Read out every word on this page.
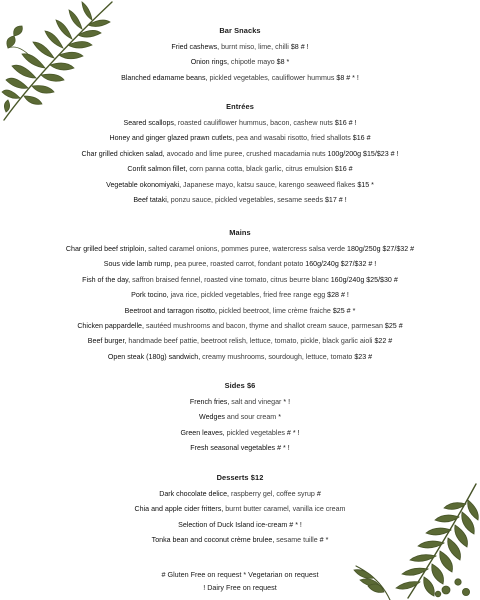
Bar Snacks
Fried cashews, burnt miso, lime, chilli $8 # !
Onion rings, chipotle mayo $8 *
Blanched edamame beans, pickled vegetables, cauliflower hummus $8 # * !
Entrées
Seared scallops, roasted cauliflower hummus, bacon, cashew nuts $16 # !
Honey and ginger glazed prawn cutlets, pea and wasabi risotto, fried shallots $16 #
Char grilled chicken salad, avocado and lime puree, crushed macadamia nuts 100g/200g $15/$23 # !
Confit salmon fillet, corn panna cotta, black garlic, citrus emulsion $16 #
Vegetable okonomiyaki, Japanese mayo, katsu sauce, karengo seaweed flakes $15 *
Beef tataki, ponzu sauce, pickled vegetables, sesame seeds $17 # !
Mains
Char grilled beef striploin, salted caramel onions, pommes puree, watercress salsa verde 180g/250g $27/$32 #
Sous vide lamb rump, pea puree, roasted carrot, fondant potato 160g/240g $27/$32 # !
Fish of the day, saffron braised fennel, roasted vine tomato, citrus beurre blanc 160g/240g $25/$30 #
Pork tocino, java rice, pickled vegetables, fried free range egg $28 # !
Beetroot and tarragon risotto, pickled beetroot, lime crème fraiche $25 # *
Chicken pappardelle, sautéed mushrooms and bacon, thyme and shallot cream sauce, parmesan $25 #
Beef burger, handmade beef pattie, beetroot relish, lettuce, tomato, pickle, black garlic aioli $22 #
Open steak (180g) sandwich, creamy mushrooms, sourdough, lettuce, tomato $23 #
Sides $6
French fries, salt and vinegar * !
Wedges and sour cream *
Green leaves, pickled vegetables # * !
Fresh seasonal vegetables # * !
Desserts $12
Dark chocolate delice, raspberry gel, coffee syrup #
Chia and apple cider fritters, burnt butter caramel, vanilla ice cream
Selection of Duck Island ice-cream # * !
Tonka bean and coconut crème brulee, sesame tuille # *
# Gluten Free on request * Vegetarian on request
! Dairy Free on request
